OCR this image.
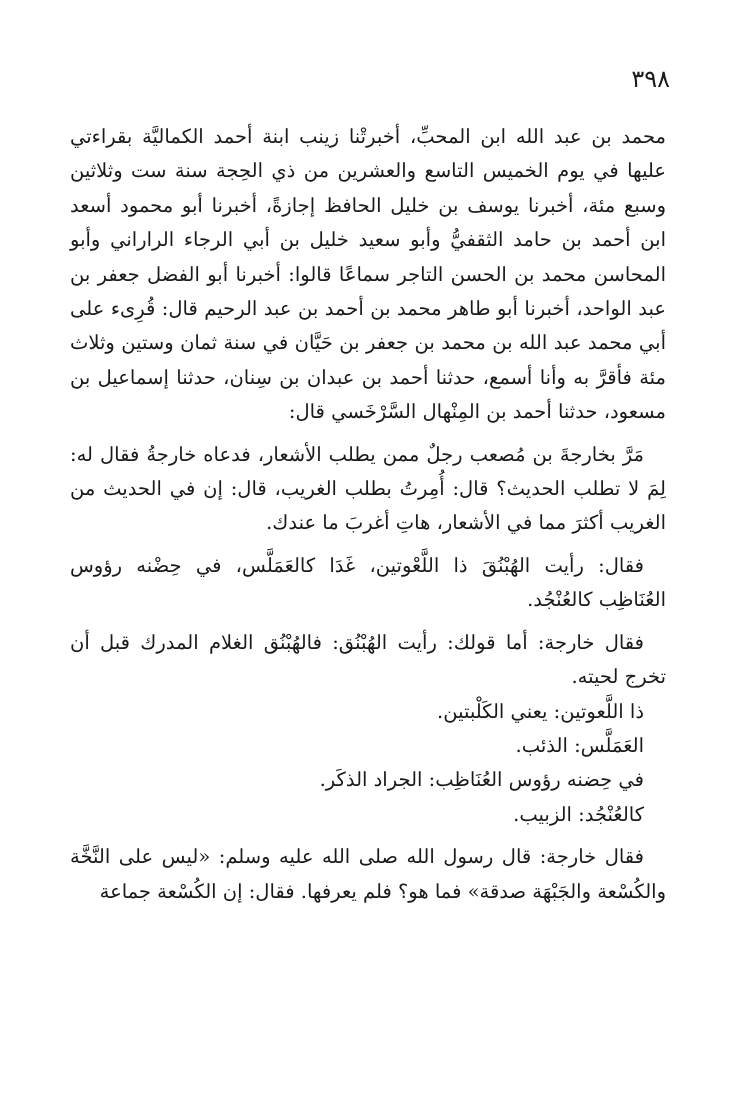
٣٩٨

محمد بن عبد الله ابن المحبِّ، أخبرتْنا زينب ابنة أحمد الكماليَّة بقراءتي عليها في يوم الخميس التاسع والعشرين من ذي الحِجة سنة ست وثلاثين وسبع مئة، أخبرنا يوسف بن خليل الحافظ إجازةً، أخبرنا أبو محمود أسعد ابن أحمد بن حامد الثقفيُّ وأبو سعيد خليل بن أبي الرجاء الراراني وأبو المحاسن محمد بن الحسن التاجر سماعًا قالوا: أخبرنا أبو الفضل جعفر بن عبد الواحد، أخبرنا أبو طاهر محمد بن أحمد بن عبد الرحيم قال: قُرِىء على أبي محمد عبد الله بن محمد بن جعفر بن حَيَّان في سنة ثمان وستين وثلاث مئة فأقرَّ به وأنا أسمع، حدثنا أحمد بن عبدان بن سِنان، حدثنا إسماعيل بن مسعود، حدثنا أحمد بن المِنْهال السَّرْخَسي قال:

مَرَّ بخارجةَ بن مُصعب رجلٌ ممن يطلب الأشعار، فدعاه خارجةُ فقال له: لِمَ لا تطلب الحديث؟ قال: أُمِرتُ بطلب الغريب، قال: إن في الحديث من الغريب أكثرَ مما في الأشعار، هاتِ أغربَ ما عندك.

فقال: رأيت الهُبْنُقَ ذا اللَّعْوتين، غَدَا كالعَمَلَّس، في حِضْنه رؤوس العُنَاظِب كالعُنْجُد.

فقال خارجة: أما قولك: رأيت الهُبْنُق: فالهُبْنُق الغلام المدرك قبل أن تخرج لحيته.

ذا اللَّعوتين: يعني الكَلْبتين.

العَمَلَّس: الذئب.

في حِضنه رؤوس العُنَاظِب: الجراد الذكَر.

كالعُنْجُد: الزبيب.

فقال خارجة: قال رسول الله صلى الله عليه وسلم: «ليس على النَّخَّة والكُسْعة والجَبْهَة صدقة» فما هو؟ فلم يعرفها. فقال: إن الكُسْعة جماعة
